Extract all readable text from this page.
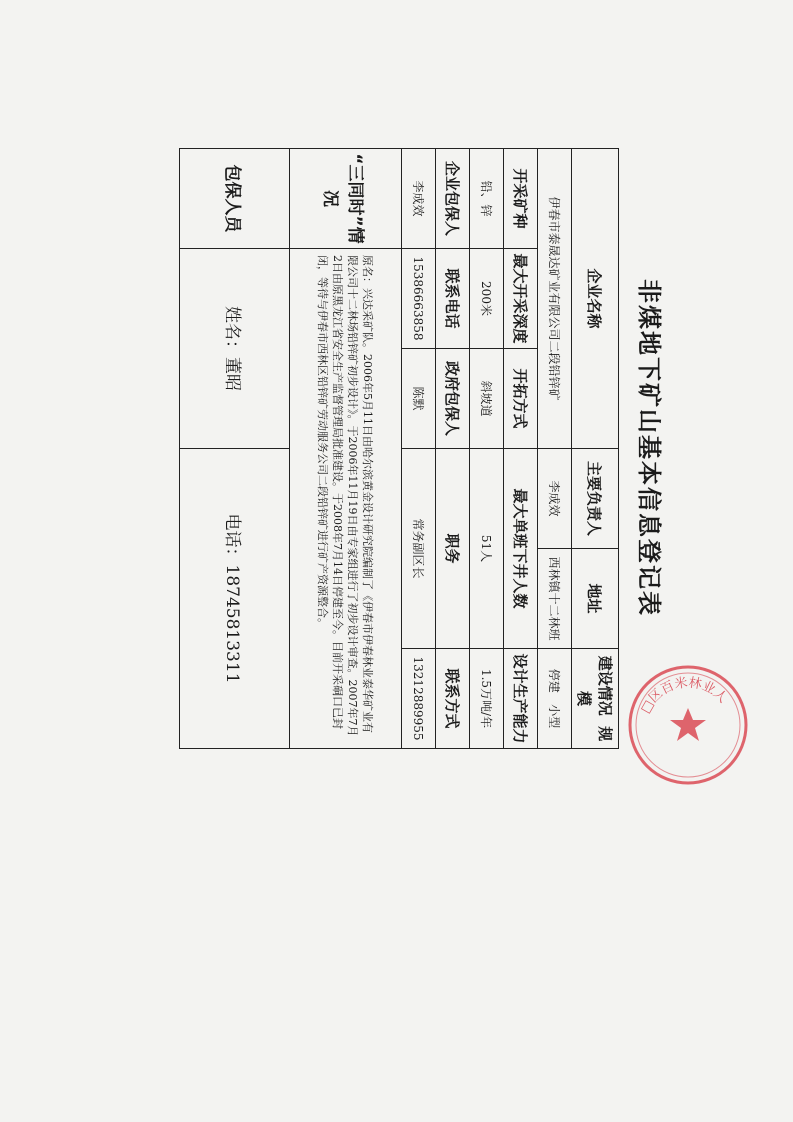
非煤地下矿山基本信息登记表
□区百米林业人
企业名称			主要负责人	地址	建设情况  规模
伊春市泰晟达矿业有限公司二段铅锌矿			李成效	西林镇十二林班	停建   小型
开采矿种	最大开采深度	开拓方式	最大单班下井人数		设计生产能力
铅、锌	200米	斜坡道	51人		1.5万吨/年
企业包保人	联系电话	政府包保人	职务		联系方式
李成效	15386663858	陈默	常务副区长		13212889955
“三同时”情况	原名：兴达采矿队。2006年5月11日由哈尔滨黄金设计研究院编制了《伊春市伊春林业泰华矿业有限公司十二林场铅锌矿初步设计》。于2006年11月19日由专家组进行了初步设计审查。2007年7月2日由原黑龙江省安全生产监督管理局批准建设。于2008年7月14日停建至今。目前开采硐口已封闭，等待与伊春市西林区铅锌矿劳动服务公司二段铅锌矿进行矿产资源整合。				
包保人员	姓名：董昭		电话：18745813311		
